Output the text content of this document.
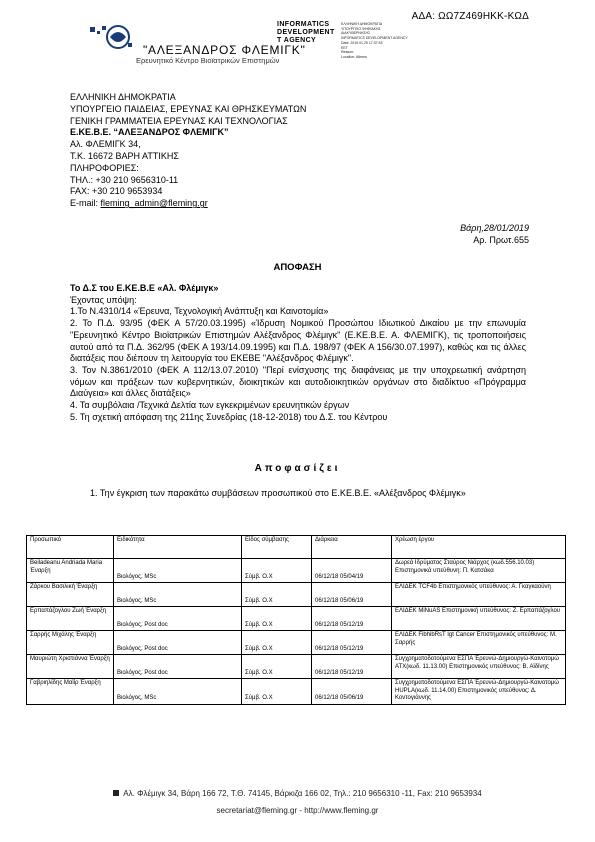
ΑΔΑ: ΩΩ7Ζ469ΗΚΚ-ΚΩΔ
"ΑΛΕΞΑΝΔΡΟΣ ΦΛΕΜΙΓΚ"
Ερευνητικό Κέντρο Βιοϊατρικών Επιστημών
INFORMATICS
DEVELOPMENT
T AGENCY
ΕΛΛΗΝΙΚΗ ΔΗΜΟΚΡΑΤΙΑ
ΥΠΟΥΡΓΕΙΟ ΨΗΦΙΑΚΗΣ
ΔΙΑΚΥΒΕΡΝΗΣΗΣ
INFORMATICS DEVELOPMENT AGENCY
Date: 2019.01.29 17:37:33
EET
Reason:
Location: Athens
ΕΛΛΗΝΙΚΗ ΔΗΜΟΚΡΑΤΙΑ
ΥΠΟΥΡΓΕΙΟ ΠΑΙΔΕΙΑΣ, ΕΡΕΥΝΑΣ ΚΑΙ ΘΡΗΣΚΕΥΜΑΤΩΝ
ΓΕΝΙΚΗ ΓΡΑΜΜΑΤΕΙΑ ΕΡΕΥΝΑΣ ΚΑΙ ΤΕΧΝΟΛΟΓΙΑΣ
Ε.ΚΕ.Β.Ε. “ΑΛΕΞΑΝΔΡΟΣ ΦΛΕΜΙΓΚ”
Αλ. ΦΛΕΜΙΓΚ 34,
Τ.Κ. 16672 ΒΑΡΗ ΑΤΤΙΚΗΣ
ΠΛΗΡΟΦΟΡΙΕΣ:
ΤΗΛ.: +30 210 9656310-11
FAX: +30 210 9653934
E-mail: fleming_admin@fleming.gr
Βάρη,28/01/2019
Αρ. Πρωτ.655
ΑΠΟΦΑΣΗ

Το Δ.Σ του Ε.ΚΕ.Β.Ε «Αλ. Φλέμιγκ»

Έχοντας υπόψη:

1.Το Ν.4310/14 «Έρευνα, Τεχνολογική Ανάπτυξη και Καινοτομία»

2. Το Π.Δ. 93/95 (ΦΕΚ Α 57/20.03.1995) «Ίδρυση Νομικού Προσώπου Ιδιωτικού Δικαίου με την επωνυμία "Ερευνητικό Κέντρο Βιοϊατρικών Επιστημών Αλέξανδρος Φλέμιγκ" (Ε.ΚΕ.Β.Ε. Α. ΦΛΕΜΙΓΚ), τις τροποποιήσεις αυτού από τα Π.Δ. 362/95 (ΦΕΚ Α 193/14.09.1995) και Π.Δ. 198/97 (ΦΕΚ Α 156/30.07.1997), καθώς και τις άλλες διατάξεις που διέπουν τη λειτουργία του ΕΚΕΒΕ "Αλέξανδρος Φλέμιγκ".

3. Τον Ν.3861/2010 (ΦΕΚ Α 112/13.07.2010) "Περί ενίσχυσης της διαφάνειας με την υποχρεωτική ανάρτηση νόμων και πράξεων των κυβερνητικών, διοικητικών και αυτοδιοικητικών οργάνων στο διαδίκτυο «Πρόγραμμα Διαύγεια» και άλλες διατάξεις»

4. Τα συμβόλαια /Τεχνικά Δελτία των εγκεκριμένων ερευνητικών έργων

5. Τη σχετική απόφαση της 211ης Συνεδρίας (18-12-2018) του Δ.Σ. του Κέντρου

Αποφασίζει
1. Την έγκριση των παρακάτω συμβάσεων προσωπικού στο Ε.ΚΕ.Β.Ε. «Αλέξανδρος Φλέμιγκ»
Προσωπικό	Ειδικότητα	Είδος σύμβασης	Διάρκεια	Χρέωση έργου
Beiladeanu Andriada Maria Έναρξη	Βιολόγος, MSc	Σύμβ. Ο.Χ	06/12/18 05/04/19	Δωρεά Ιδρύματος Σταύρος Νιάρχος (κωδ.556.10.03) Επιστημονικά υπεύθυνη: Π. Κατσάκα
Ζάρκου Βασιλική Έναρξη	Βιολόγος, MSc	Σύμβ. Ο.Χ	06/12/18 05/06/19	ΕΛΙΔΕΚ TCF4b Επιστημονικός υπεύθυνος: Α. Γκαγκαούνη
Ερπαπάζογλου Ζωή Έναρξη	Βιολόγος, Post doc	Σύμβ. Ο.Χ	06/12/18 05/12/19	ΕΛΙΔΕΚ MiNuAS Επιστημονική υπεύθυνος: Ζ. Ερπαπάζογλου
Σαρρής Μιχάλης Έναρξη	Βιολόγος, Post doc	Σύμβ. Ο.Χ	06/12/18 05/12/19	ΕΛΙΔΕΚ FibhibRsT Igt Cancer Επιστημονικός υπεύθυνος: Μ. Σαρρής
Μαυριώτη Χριστιάννα Έναρξη	Βιολόγος, Post doc	Σύμβ. Ο.Χ	06/12/18 05/12/19	Συγχρηματοδοτούμενα ΕΣΠΑ Έρευνώ-Δημιουργώ-Καινοτομώ ATX(κωδ. 11.13.00) Επιστημονικός υπεύθυνος: Β. Αϊδίνης
Γαβριηλίδης Μαϊίρ Έναρξη	Βιολόγος, MSc	Σύμβ. Ο.Χ	06/12/18 05/06/19	Συγχρηματοδοτούμενα ΕΣΠΑ Έρευνώ-Δημιουργώ-Καινοτομώ HUPLA(κωδ. 11.14.00) Επιστημονικός υπεύθυνος: Δ. Κοντογιάννης
Αλ. Φλέμιγκ 34, Βάρη 166 72, Τ.Θ. 74145, Βάρκιζα 166 02, Τηλ.: 210 9656310 -11, Fax: 210 9653934
secretariat@fleming.gr - http://www.fleming.gr
